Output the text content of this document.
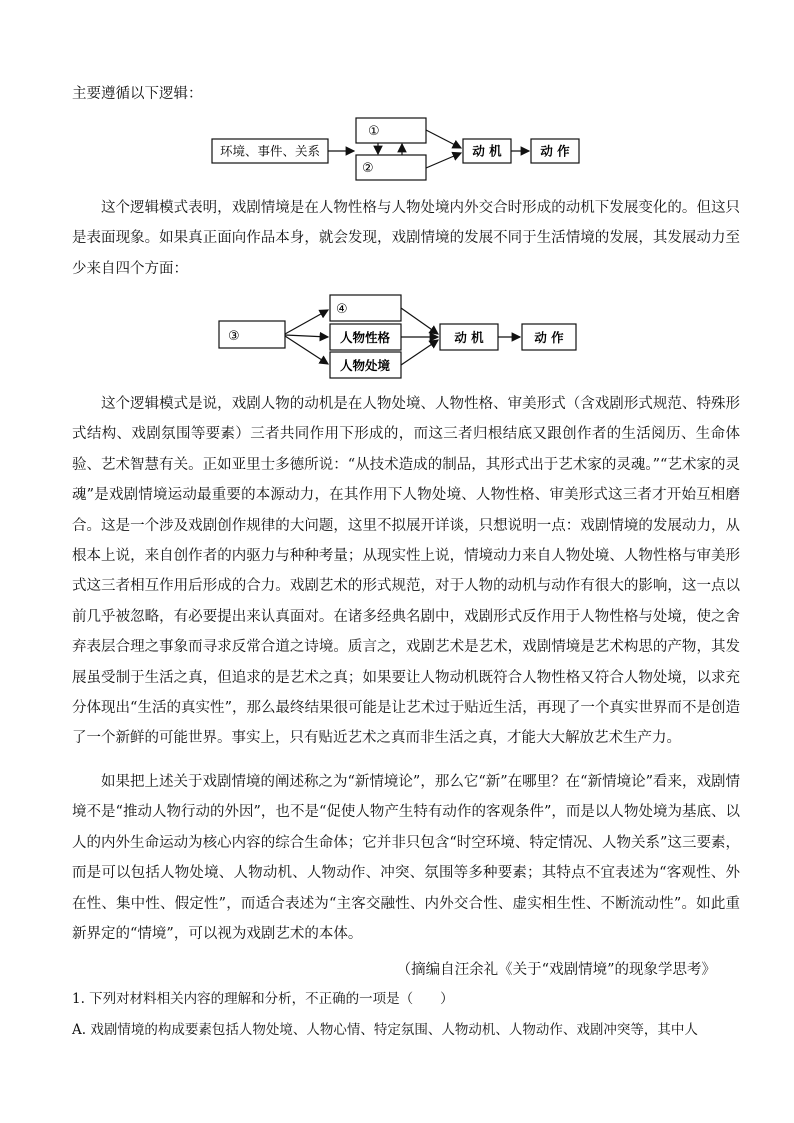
主要遵循以下逻辑：

环境、事件、关系
①
②
动 机	动 作

这个逻辑模式表明，戏剧情境是在人物性格与人物处境内外交合时形成的动机下发展变化的。但这只是表面现象。如果真正面向作品本身，就会发现，戏剧情境的发展不同于生活情境的发展，其发展动力至少来自四个方面：

③
④
人物性格
人物处境
动 机	动 作

这个逻辑模式是说，戏剧人物的动机是在人物处境、人物性格、审美形式（含戏剧形式规范、特殊形式结构、戏剧氛围等要素）三者共同作用下形成的，而这三者归根结底又跟创作者的生活阅历、生命体验、艺术智慧有关。正如亚里士多德所说：“从技术造成的制品，其形式出于艺术家的灵魂。”“艺术家的灵魂”是戏剧情境运动最重要的本源动力，在其作用下人物处境、人物性格、审美形式这三者才开始互相磨合。这是一个涉及戏剧创作规律的大问题，这里不拟展开详谈，只想说明一点：戏剧情境的发展动力，从根本上说，来自创作者的内驱力与种种考量；从现实性上说，情境动力来自人物处境、人物性格与审美形式这三者相互作用后形成的合力。戏剧艺术的形式规范，对于人物的动机与动作有很大的影响，这一点以前几乎被忽略，有必要提出来认真面对。在诸多经典名剧中，戏剧形式反作用于人物性格与处境，使之舍弃表层合理之事象而寻求反常合道之诗境。质言之，戏剧艺术是艺术，戏剧情境是艺术构思的产物，其发展虽受制于生活之真，但追求的是艺术之真；如果要让人物动机既符合人物性格又符合人物处境，以求充分体现出“生活的真实性”，那么最终结果很可能是让艺术过于贴近生活，再现了一个真实世界而不是创造了一个新鲜的可能世界。事实上，只有贴近艺术之真而非生活之真，才能大大解放艺术生产力。

如果把上述关于戏剧情境的阐述称之为“新情境论”，那么它“新”在哪里？在“新情境论”看来，戏剧情境不是“推动人物行动的外因”，也不是“促使人物产生特有动作的客观条件”，而是以人物处境为基底、以人的内外生命运动为核心内容的综合生命体；它并非只包含“时空环境、特定情况、人物关系”这三要素，而是可以包括人物处境、人物动机、人物动作、冲突、氛围等多种要素；其特点不宜表述为“客观性、外在性、集中性、假定性”，而适合表述为“主客交融性、内外交合性、虚实相生性、不断流动性”。如此重新界定的“情境”，可以视为戏剧艺术的本体。

（摘编自汪余礼《关于“戏剧情境”的现象学思考》

1. 下列对材料相关内容的理解和分析，不正确的一项是（　　）

A. 戏剧情境的构成要素包括人物处境、人物心情、特定氛围、人物动机、人物动作、戏剧冲突等，其中人
